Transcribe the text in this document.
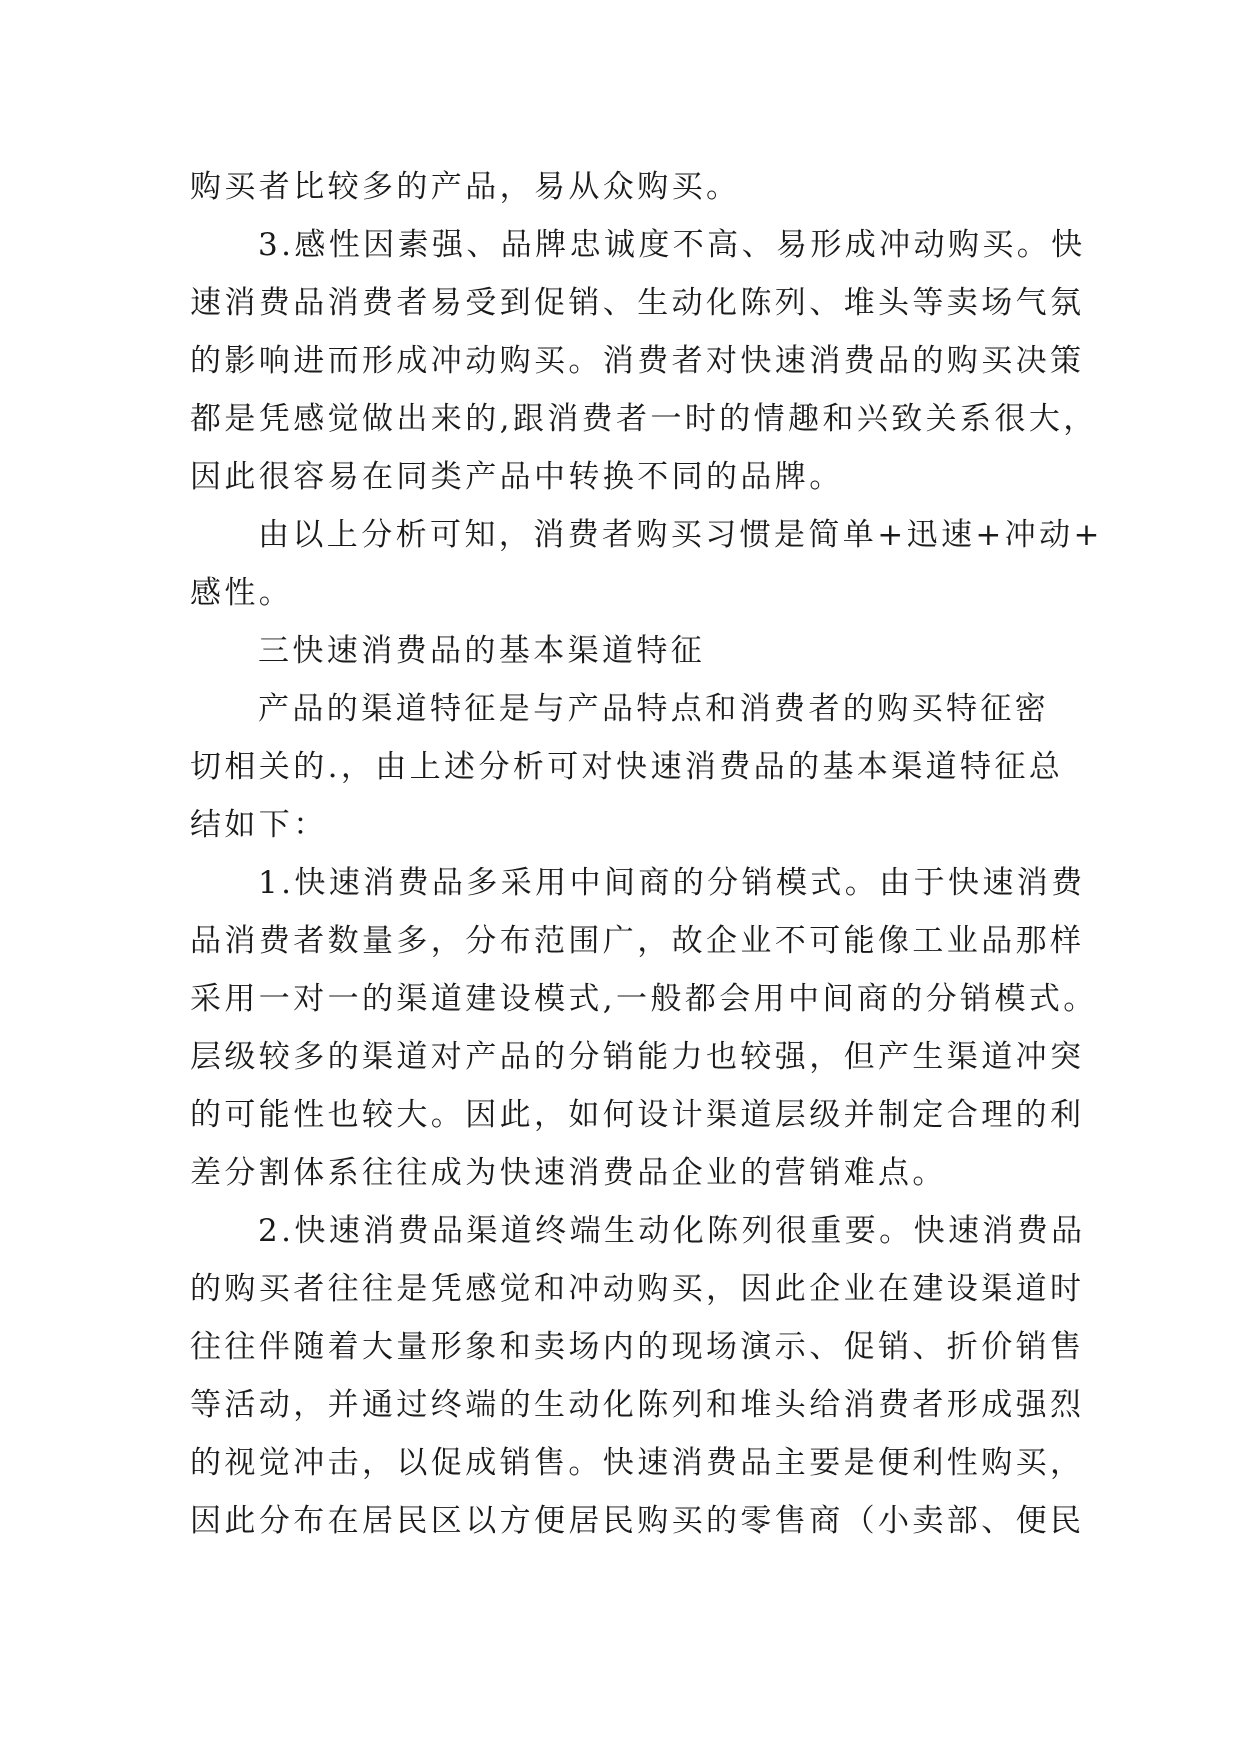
购买者比较多的产品，易从众购买。
3.感性因素强、品牌忠诚度不高、易形成冲动购买。快
速消费品消费者易受到促销、生动化陈列、堆头等卖场气氛
的影响进而形成冲动购买。消费者对快速消费品的购买决策
都是凭感觉做出来的,跟消费者一时的情趣和兴致关系很大，
因此很容易在同类产品中转换不同的品牌。
由以上分析可知，消费者购买习惯是简单+迅速+冲动+
感性。
三快速消费品的基本渠道特征
产品的渠道特征是与产品特点和消费者的购买特征密
切相关的.，由上述分析可对快速消费品的基本渠道特征总
结如下：
1.快速消费品多采用中间商的分销模式。由于快速消费
品消费者数量多，分布范围广，故企业不可能像工业品那样
采用一对一的渠道建设模式,一般都会用中间商的分销模式。
层级较多的渠道对产品的分销能力也较强，但产生渠道冲突
的可能性也较大。因此，如何设计渠道层级并制定合理的利
差分割体系往往成为快速消费品企业的营销难点。
2.快速消费品渠道终端生动化陈列很重要。快速消费品
的购买者往往是凭感觉和冲动购买，因此企业在建设渠道时
往往伴随着大量形象和卖场内的现场演示、促销、折价销售
等活动，并通过终端的生动化陈列和堆头给消费者形成强烈
的视觉冲击，以促成销售。快速消费品主要是便利性购买，
因此分布在居民区以方便居民购买的零售商（小卖部、便民
